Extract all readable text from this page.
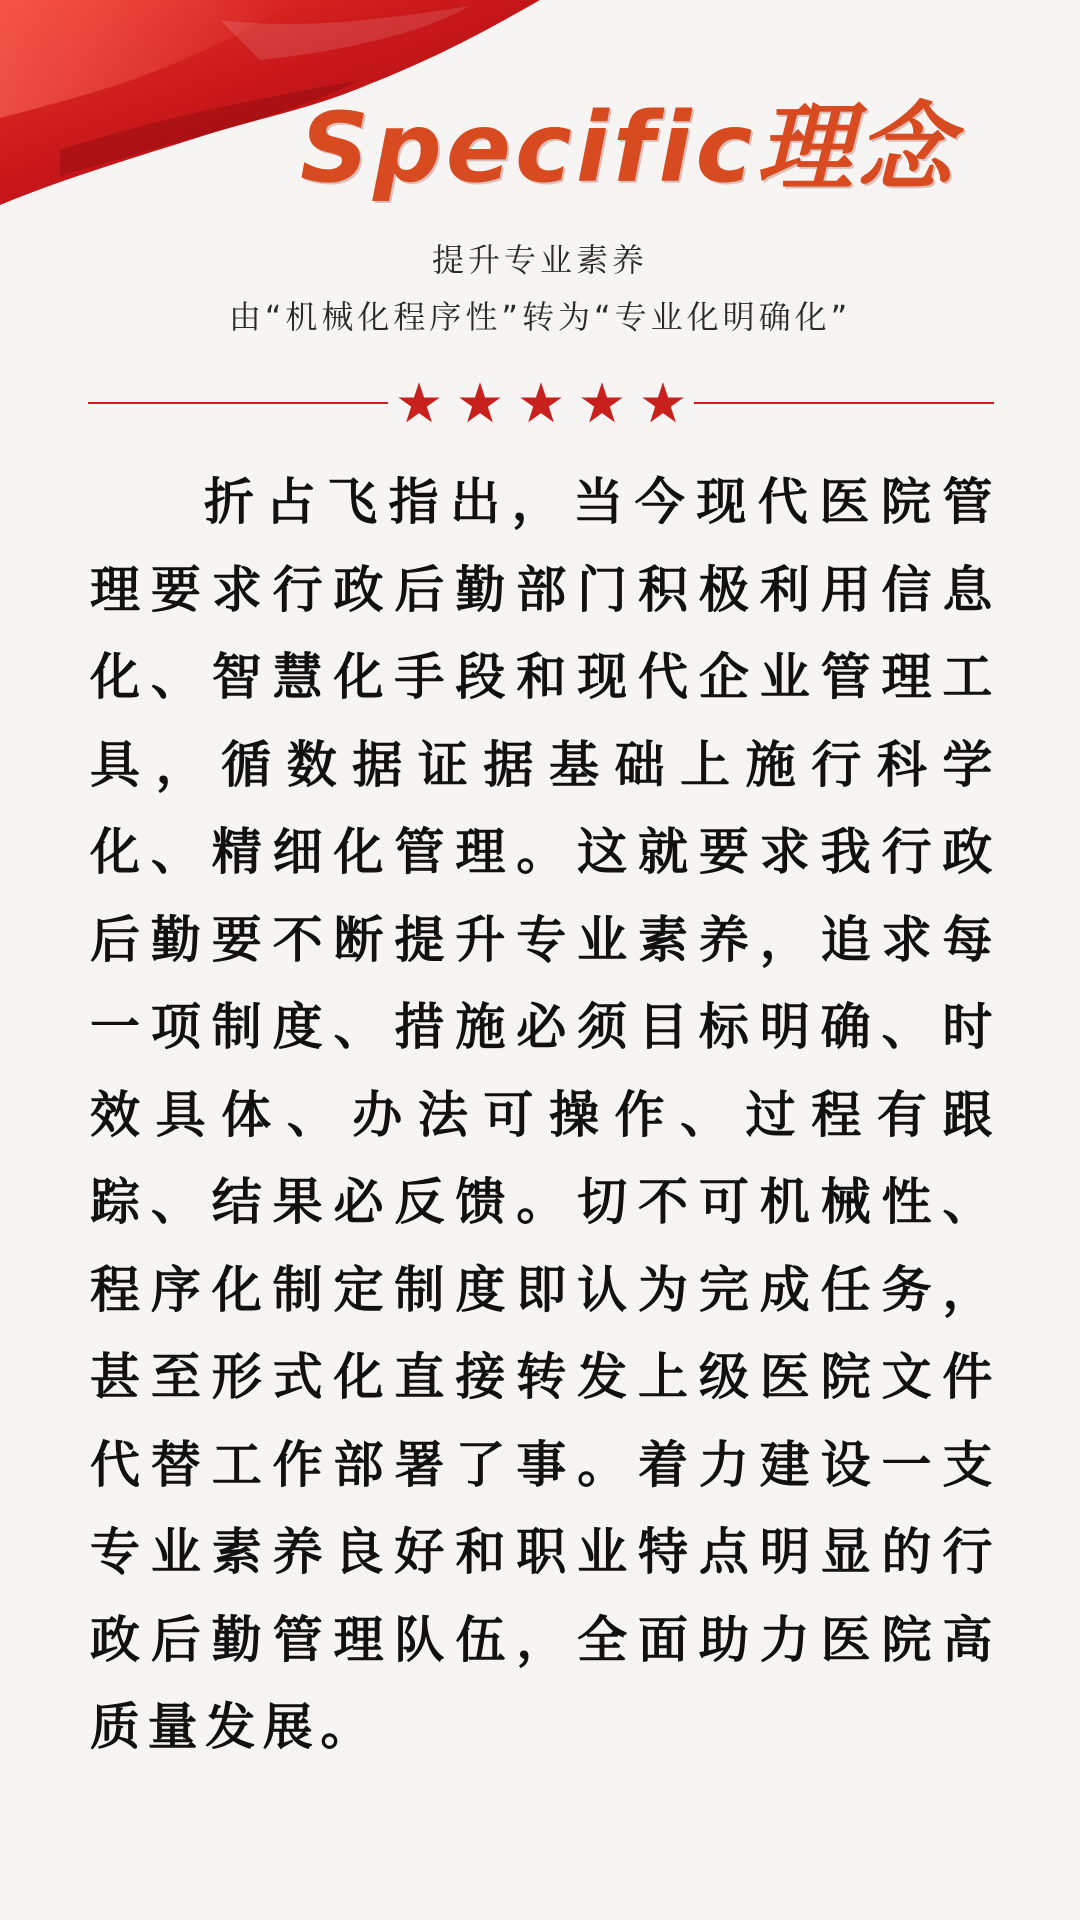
Specific理念
提升专业素养
由“机械化程序性”转为“专业化明确化”

折占飞指出，当今现代医院管理要求行政后勤部门积极利用信息化、智慧化手段和现代企业管理工具，循数据证据基础上施行科学化、精细化管理。这就要求我行政后勤要不断提升专业素养，追求每一项制度、措施必须目标明确、时效具体、办法可操作、过程有跟踪、结果必反馈。切不可机械性、程序化制定制度即认为完成任务，甚至形式化直接转发上级医院文件代替工作部署了事。着力建设一支专业素养良好和职业特点明显的行政后勤管理队伍，全面助力医院高质量发展。
